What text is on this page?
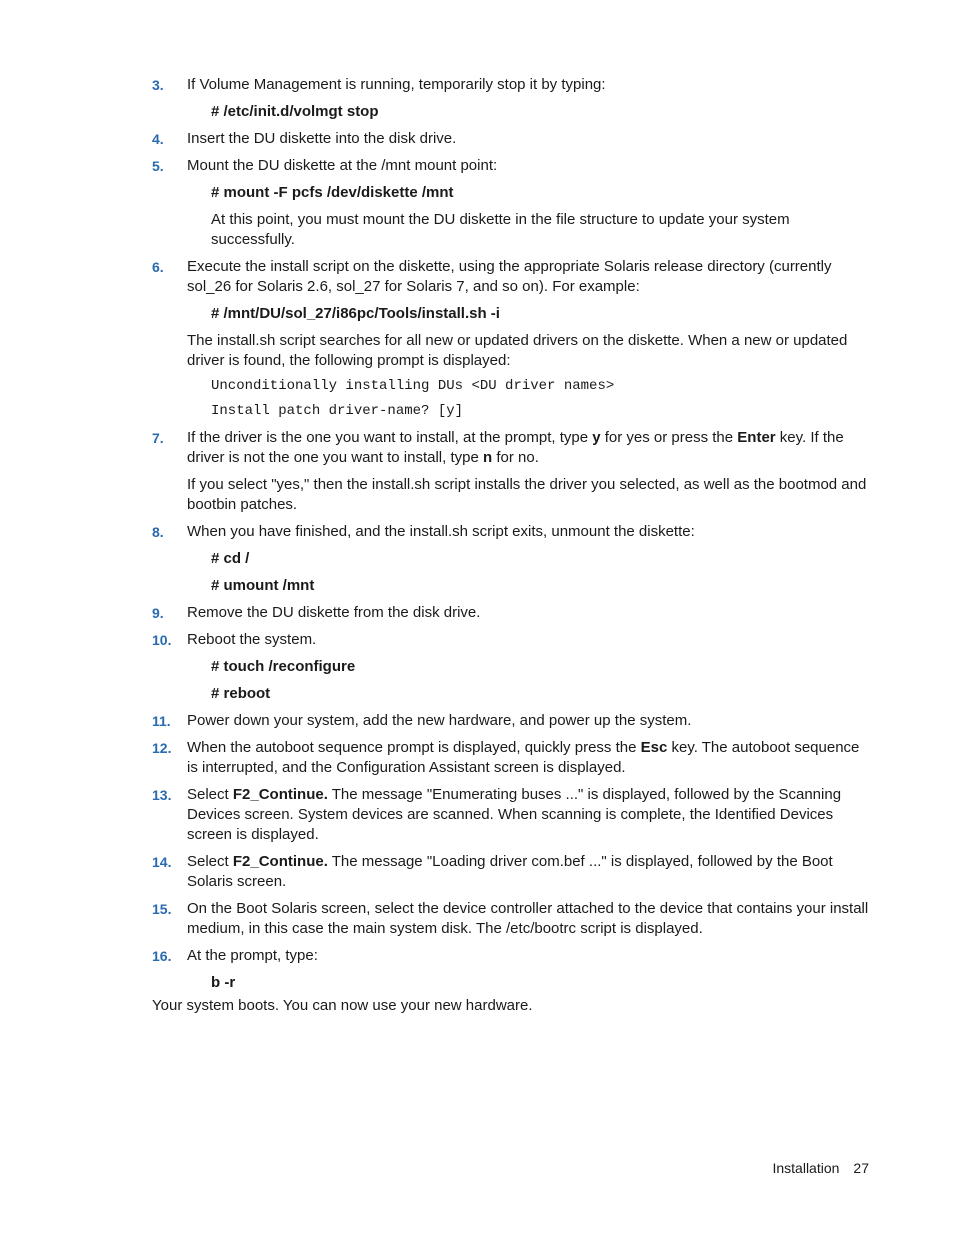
3. If Volume Management is running, temporarily stop it by typing:
# /etc/init.d/volmgt stop
4. Insert the DU diskette into the disk drive.
5. Mount the DU diskette at the /mnt mount point:
# mount -F pcfs /dev/diskette /mnt
At this point, you must mount the DU diskette in the file structure to update your system successfully.
6. Execute the install script on the diskette, using the appropriate Solaris release directory (currently sol_26 for Solaris 2.6, sol_27 for Solaris 7, and so on). For example:
# /mnt/DU/sol_27/i86pc/Tools/install.sh -i
The install.sh script searches for all new or updated drivers on the diskette. When a new or updated driver is found, the following prompt is displayed:
Unconditionally installing DUs <DU driver names>
Install patch driver-name? [y]
7. If the driver is the one you want to install, at the prompt, type y for yes or press the Enter key. If the driver is not the one you want to install, type n for no.
If you select "yes," then the install.sh script installs the driver you selected, as well as the bootmod and bootbin patches.
8. When you have finished, and the install.sh script exits, unmount the diskette:
# cd /
# umount /mnt
9. Remove the DU diskette from the disk drive.
10. Reboot the system.
# touch /reconfigure
# reboot
11. Power down your system, add the new hardware, and power up the system.
12. When the autoboot sequence prompt is displayed, quickly press the Esc key. The autoboot sequence is interrupted, and the Configuration Assistant screen is displayed.
13. Select F2_Continue. The message "Enumerating buses ..." is displayed, followed by the Scanning Devices screen. System devices are scanned. When scanning is complete, the Identified Devices screen is displayed.
14. Select F2_Continue. The message "Loading driver com.bef ..." is displayed, followed by the Boot Solaris screen.
15. On the Boot Solaris screen, select the device controller attached to the device that contains your install medium, in this case the main system disk. The /etc/bootrc script is displayed.
16. At the prompt, type:
b -r
Your system boots. You can now use your new hardware.
Installation 27
